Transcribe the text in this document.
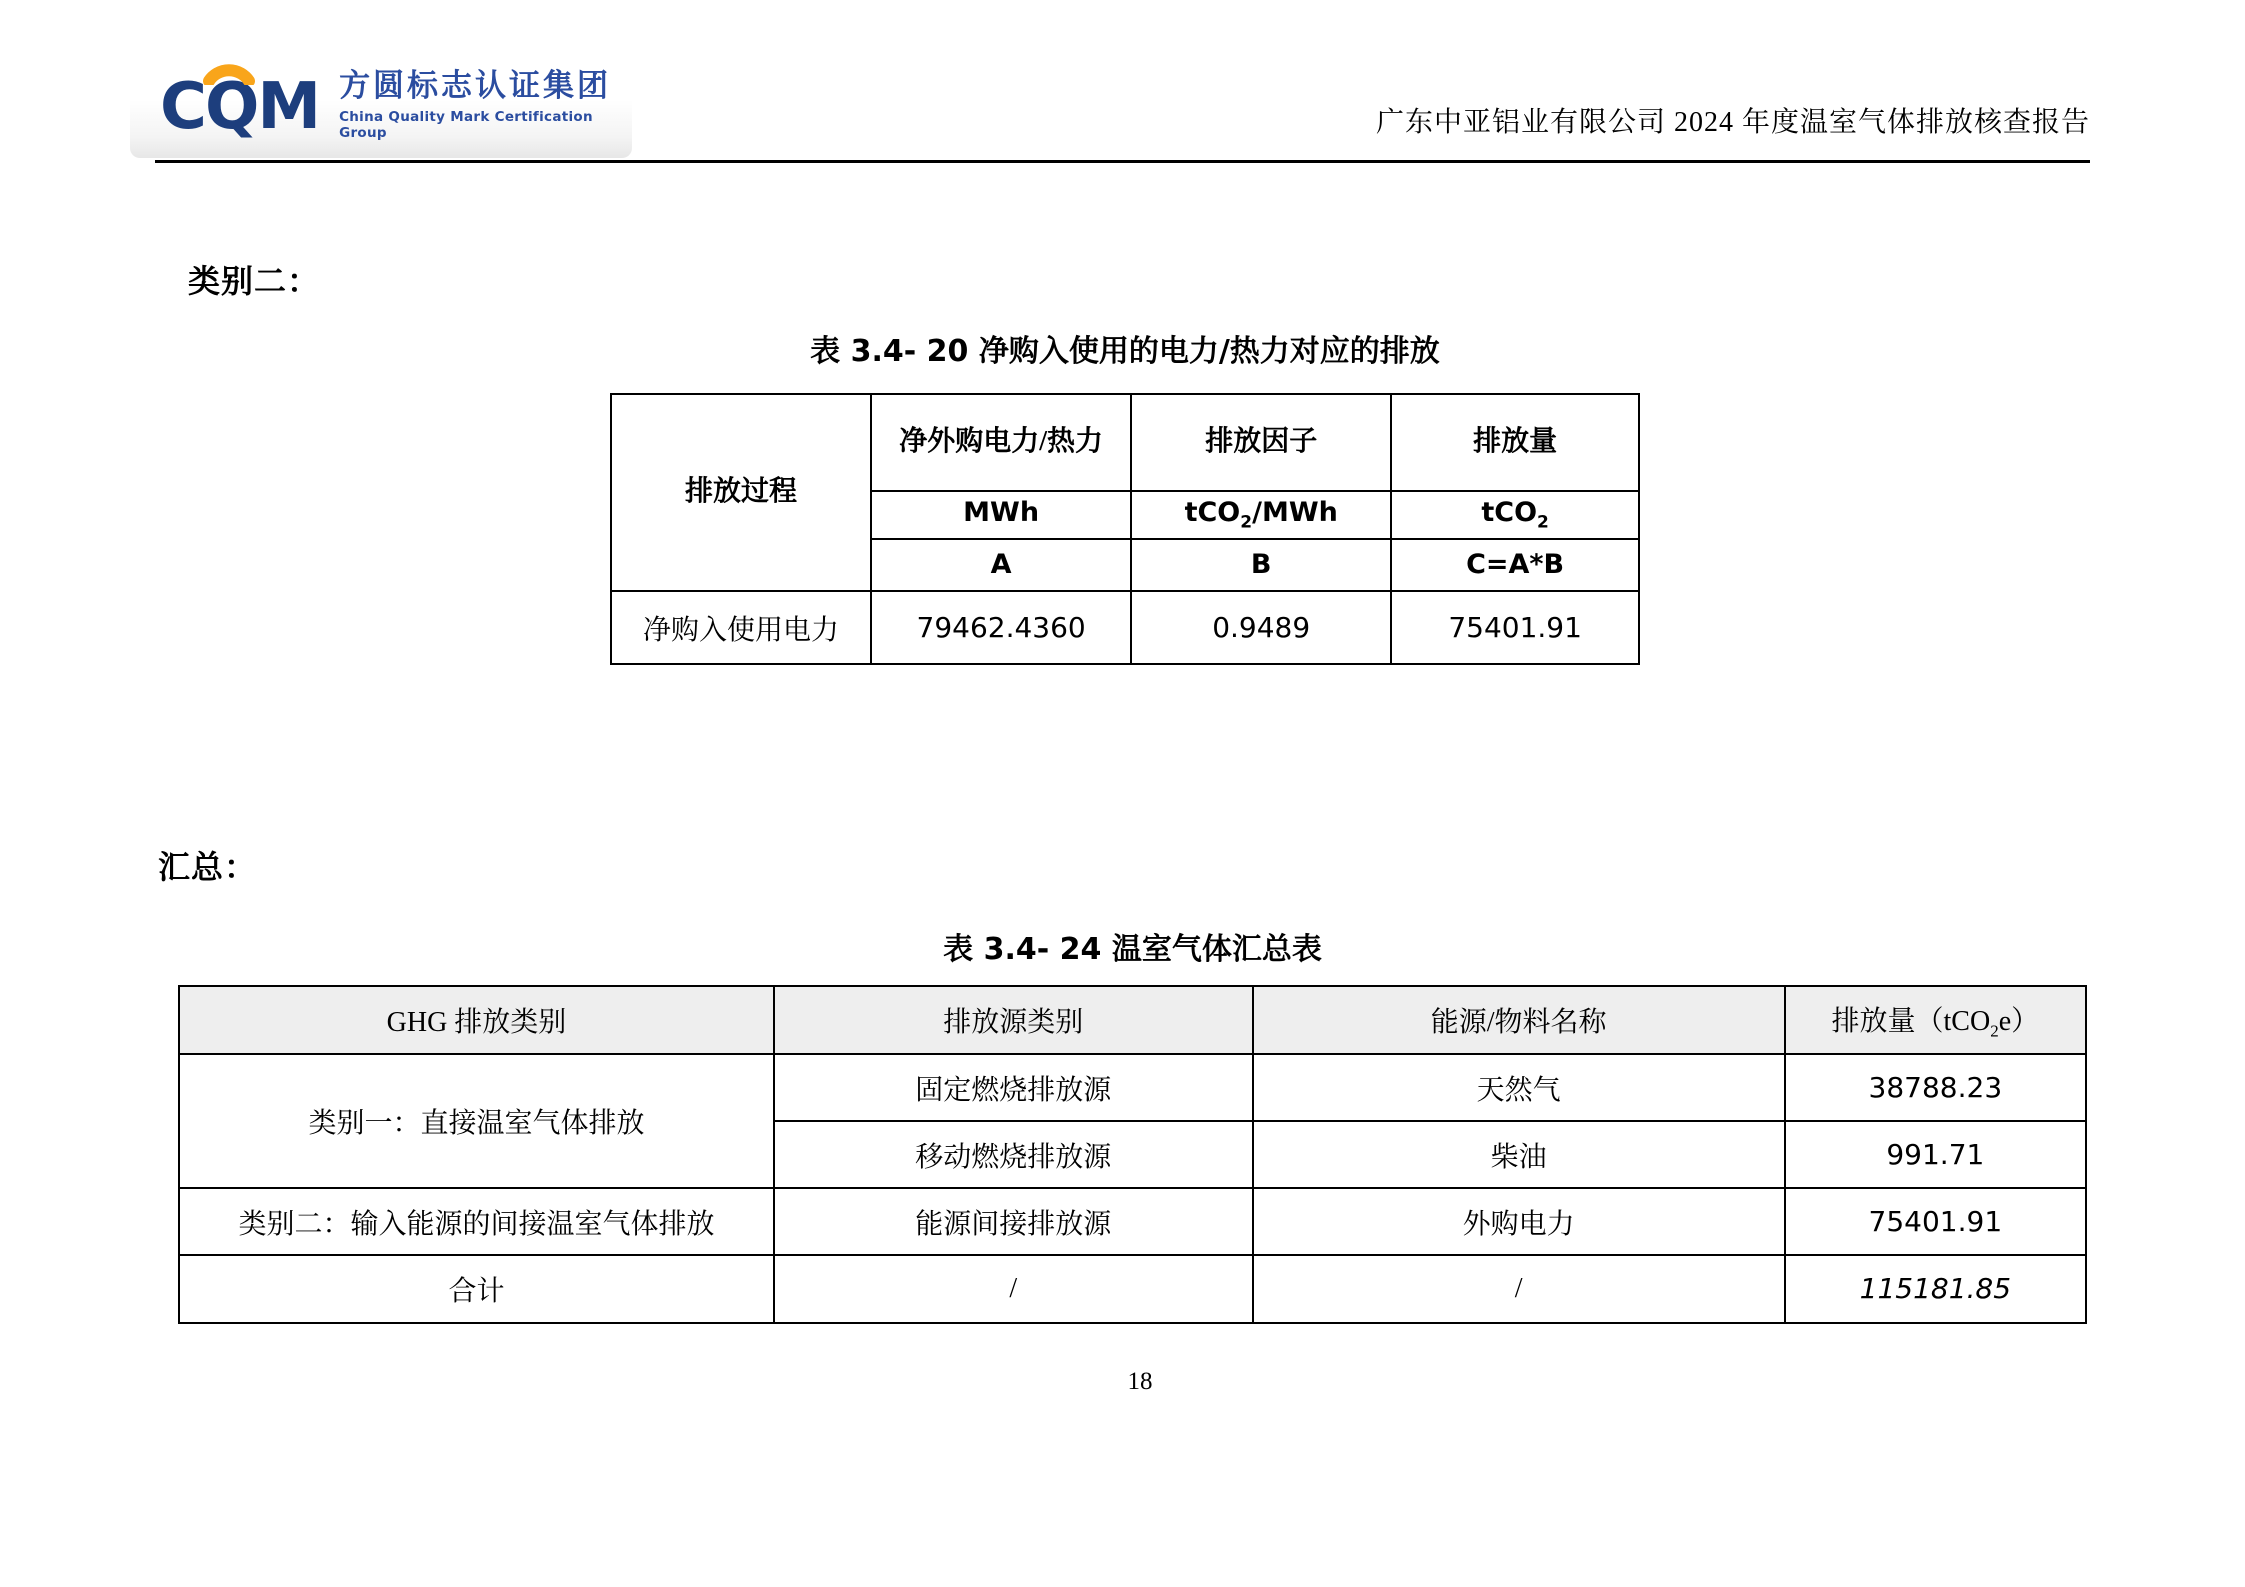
CQM 方圆标志认证集团
China Quality Mark Certification Group	广东中亚铝业有限公司 2024 年度温室气体排放核查报告
类别二：
表 3.4- 20 净购入使用的电力/热力对应的排放
排放过程	净外购电力/热力	排放因子	排放量
	MWh	tCO$_2$/MWh	tCO$_2$
	A	B	C=A*B
净购入使用电力	79462.4360	0.9489	75401.91
汇总：
表 3.4- 24 温室气体汇总表
GHG 排放类别	排放源类别	能源/物料名称	排放量（tCO$_2$e）
类别一：直接温室气体排放	固定燃烧排放源	天然气	38788.23
	移动燃烧排放源	柴油	991.71
类别二：输入能源的间接温室气体排放	能源间接排放源	外购电力	75401.91
合计	/	/	115181.85
18
